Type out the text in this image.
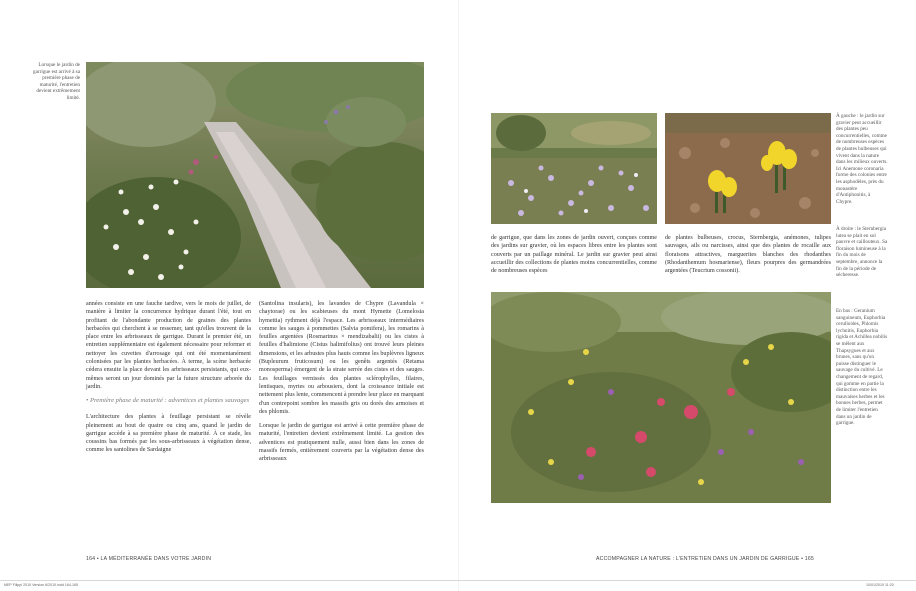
Lorsque le jardin de garrigue est arrivé à sa première phase de maturité, l'entretien devient extrêmement limité.

années consiste en une fauche tardive, vers le mois de juillet, de manière à limiter la concurrence hydrique durant l'été, tout en profitant de l'abondante production de graines des plantes herbacées qui cherchent à se ressemer, tant qu'elles trouvent de la place entre les arbrisseaux de garrigue. Durant le premier été, un entretien supplémentaire est également nécessaire pour reformer et nettoyer les cuvettes d'arrosage qui ont été momentanément colonisées par les plantes herbacées. À terme, la scène herbacée cédera ensuite la place devant les arbrisseaux persistants, qui eux-mêmes seront un jour dominés par la future structure arborée du jardin.

• Première phase de maturité : adventices et plantes sauvages

L'architecture des plantes à feuillage persistant se révèle pleinement au bout de quatre ou cinq ans, quand le jardin de garrigue accède à sa première phase de maturité. À ce stade, les coussins bas formés par les sous-arbrisseaux à végétation dense, comme les santolines de Sardaigne

(Santolina insularis), les lavandes de Chypre (Lavandula × chaytorae) ou les scabieuses du mont Hymette (Lomelosia hymettia) rythment déjà l'espace. Les arbrisseaux intermédiaires comme les sauges à pommettes (Salvia pomifera), les romarins à feuilles argentées (Rosmarinus × mendizabalii) ou les cistes à feuilles d'halimione (Cistus halimifolius) ont trouvé leurs pleines dimensions, et les arbustes plus hauts comme les buplèvres ligneux (Bupleurum fruticosum) ou les genêts argentés (Retama monosperma) émergent de la strate serrée des cistes et des sauges. Les feuillages vernissés des plantes sclérophylles, filaires, lentisques, myrtes ou arbousiers, dont la croissance initiale est nettement plus lente, commencent à prendre leur place en marquant d'un contrepoint sombre les massifs gris ou dorés des armoises et des phlomis.

Lorsque le jardin de garrigue est arrivé à cette première phase de maturité, l'entretien devient extrêmement limité. La gestion des adventices est pratiquement nulle, aussi bien dans les zones de massifs fermés, entièrement couverts par la végétation dense des arbrisseaux

164 • LA MÉDITERRANÉE DANS VOTRE JARDIN
À gauche : le jardin sur gravier peut accueillir des plantes peu concurrentielles, comme de nombreuses espèces de plantes bulbeuses qui vivent dans la nature dans les milieux ouverts. Ici Anemone coronaria forme des colonies entre les asphodèles, près du monastère d'Antiphonitis, à Chypre.
À droite : le Sternbergia lutea se plait en sol pauvre et caillouteux. Sa floraison lumineuse à la fin du mois de septembre, annonce la fin de la période de sécheresse.
En bas : Geranium sanguineum, Euphorbia cerulloides, Phlomis lychnitis, Euphorbia rigida et Achillea nobilis se mêlent aux Thapsygues et aux brunes, sans qu'on puisse distinguer le sauvage du cultivé. Le changement de regard, qui gomme en partie la distinction entre les mauvaises herbes et les bonnes herbes, permet de limiter l'entretien dans un jardin de garrigue.
de garrigue, que dans les zones de jardin ouvert, conçues comme des jardins sur gravier, où les espaces libres entre les plantes sont couverts par un paillage minéral. Le jardin sur gravier peut ainsi accueillir des collections de plantes moins concurrentielles, comme de nombreuses espèces
de plantes bulbeuses, crocus, Sternbergia, anémones, tulipes sauvages, ails ou narcisses, ainsi que des plantes de rocaille aux floraisons attractives, marguerites blanches des rhodanthes (Rhodanthemum hosmariense), fleurs pourpres des germandrées argentées (Teucrium cossonii).
ACCOMPAGNER LA NATURE : L'ENTRETIEN DANS UN JARDIN DE GARRIGUE • 165
MEP Filippi 2010 Version 6/2010.indd 164-165	10/01/2010 11:20
